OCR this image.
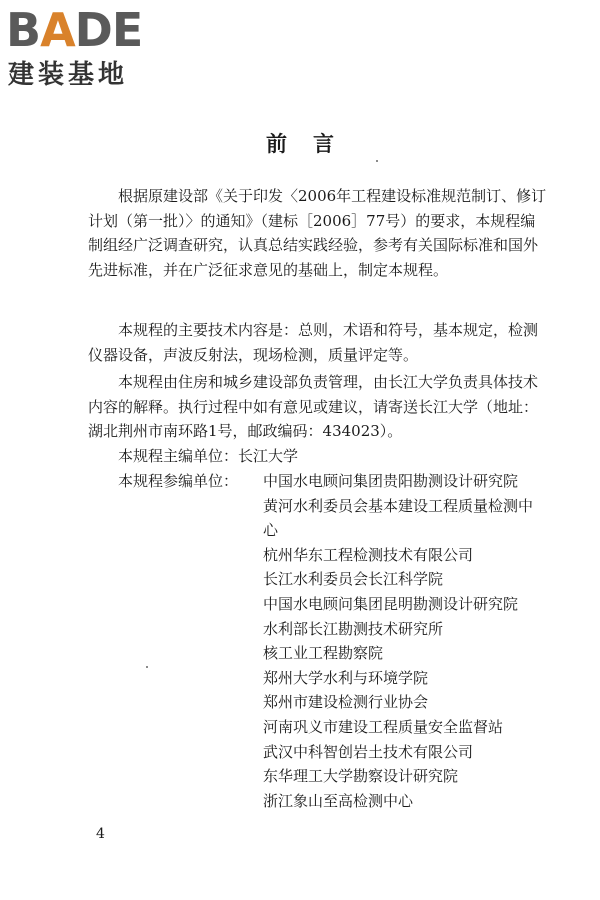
BADE
建装基地
前言

根据原建设部《关于印发〈2006年工程建设标准规范制订、修订计划（第一批）〉的通知》（建标［2006］77号）的要求，本规程编制组经广泛调查研究，认真总结实践经验，参考有关国际标准和国外先进标准，并在广泛征求意见的基础上，制定本规程。

本规程的主要技术内容是：总则，术语和符号，基本规定，检测仪器设备，声波反射法，现场检测，质量评定等。

本规程由住房和城乡建设部负责管理，由长江大学负责具体技术内容的解释。执行过程中如有意见或建议，请寄送长江大学（地址：湖北荆州市南环路1号，邮政编码：434023）。

本规程主编单位：长江大学
本规程参编单位： 中国水电顾问集团贵阳勘测设计研究院
黄河水利委员会基本建设工程质量检测中心
杭州华东工程检测技术有限公司
长江水利委员会长江科学院
中国水电顾问集团昆明勘测设计研究院
水利部长江勘测技术研究所
核工业工程勘察院
郑州大学水利与环境学院
郑州市建设检测行业协会
河南巩义市建设工程质量安全监督站
武汉中科智创岩土技术有限公司
东华理工大学勘察设计研究院
浙江象山至高检测中心
4
